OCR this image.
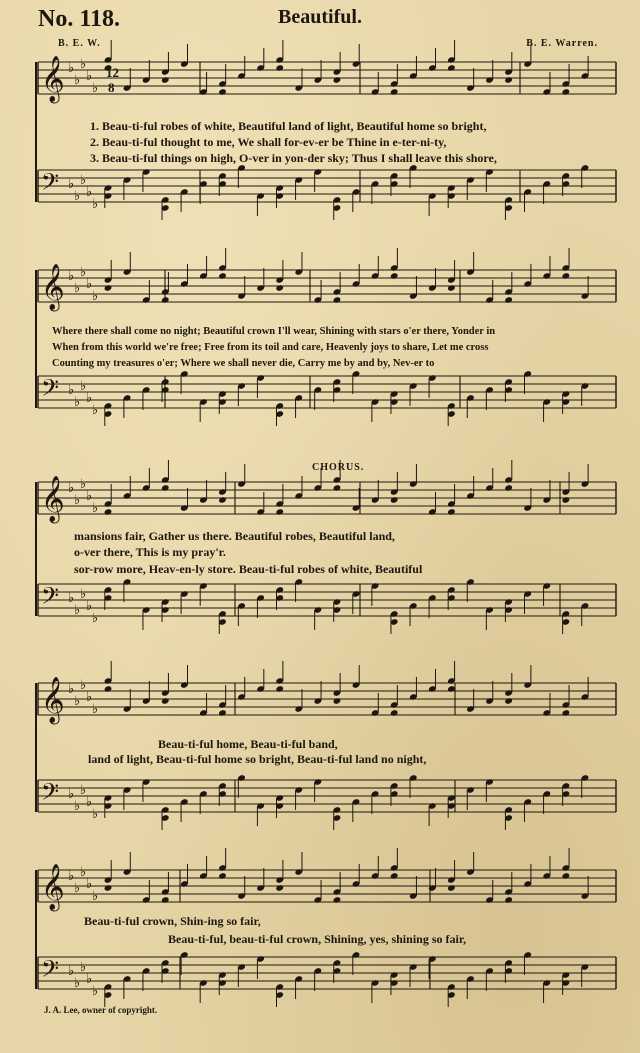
No. 118.	Beautiful.
B. E. W.	B. E. Warren.
𝄞 ♭
♭
♭
♭
♭
𝄢 ♭
♭
♭
♭
♭
12
8
𝄞 ♭
♭
♭
♭
♭
𝄢 ♭
♭
♭
♭
♭
𝄞 ♭
♭
♭
♭
♭
𝄢 ♭
♭
♭
♭
♭
𝄞 ♭
♭
♭
♭
♭
𝄢 ♭
♭
♭
♭
♭
𝄞 ♭
♭
♭
♭
♭
𝄢 ♭
♭
♭
♭
♭
1. Beau-ti-ful robes of white, Beautiful land of light, Beautiful home so bright,
2. Beau-ti-ful thought to me, We shall for-ev-er be Thine in e-ter-ni-ty,
3. Beau-ti-ful things on high, O-ver in yon-der sky; Thus I shall leave this shore,
Where there shall come no night; Beautiful crown I'll wear, Shining with stars o'er there, Yonder in
When from this world we're free; Free from its toil and care, Heavenly joys to share, Let me cross
Counting my treasures o'er; Where we shall never die, Carry me by and by, Nev-er to
CHORUS.
mansions fair, Gather us there. Beautiful robes, Beautiful land,
o-ver there, This is my pray'r.
sor-row more, Heav-en-ly store. Beau-ti-ful robes of white, Beautiful
Beau-ti-ful home, Beau-ti-ful band,
land of light, Beau-ti-ful home so bright, Beau-ti-ful land no night,
Beau-ti-ful crown, Shin-ing so fair,
Beau-ti-ful, beau-ti-ful crown, Shining, yes, shining so fair,
J. A. Lee, owner of copyright.
